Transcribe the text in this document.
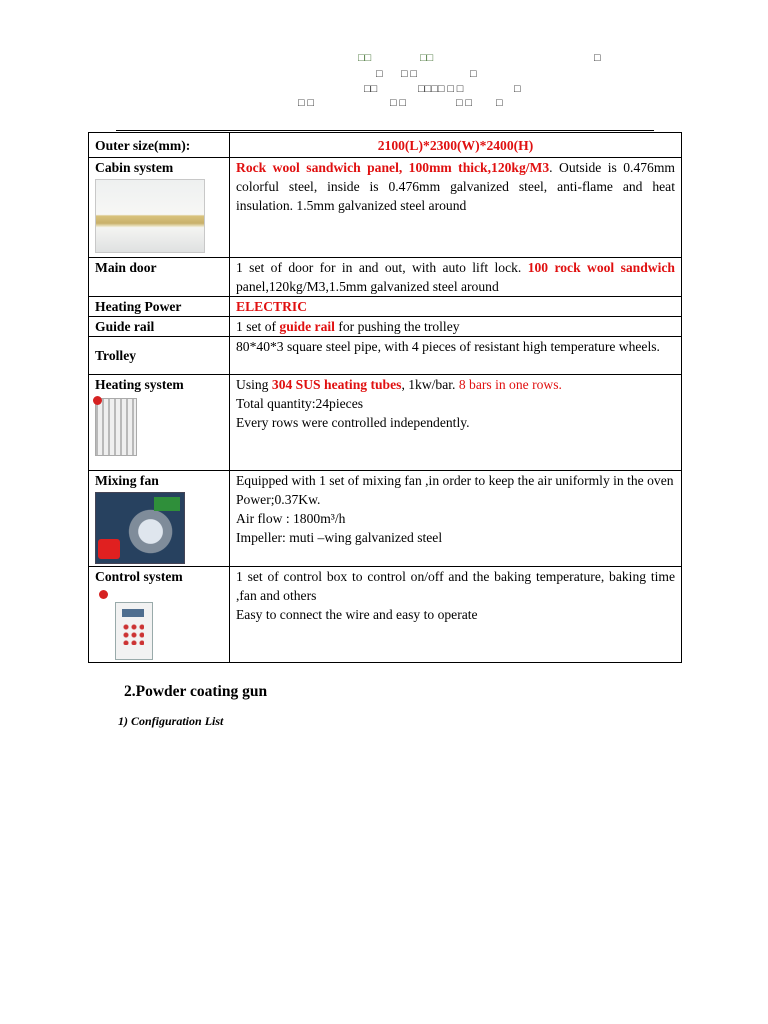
□□	□□	□
□ □ □	□
□□	□□□□ □ □	□
□ □	□ □	□ □ □
Outer size(mm):	2100(L)*2300(W)*2400(H)
Cabin system	Rock wool sandwich panel, 100mm thick,120kg/M3. Outside is 0.476mm colorful steel, inside is 0.476mm galvanized steel, anti-flame and heat insulation. 1.5mm galvanized steel around
Main door	1 set of door for in and out, with auto lift lock. 100 rock wool sandwich panel,120kg/M3,1.5mm galvanized steel around
Heating Power	ELECTRIC
Guide rail	1 set of guide rail for pushing the trolley
Trolley	80*40*3 square steel pipe, with 4 pieces of resistant high temperature wheels.
Heating system	Using 304 SUS heating tubes, 1kw/bar. 8 bars in one rows.
Total quantity:24pieces
Every rows were controlled independently.

Mixing fan	Equipped with 1 set of mixing fan ,in order to keep the air uniformly in the oven
Power;0.37Kw.
Air flow : 1800m³/h
Impeller: muti –wing galvanized steel

Control system	1 set of control box to control on/off and the baking temperature, baking time ,fan and others
Easy to connect the wire and easy to operate
2.Powder coating gun
1) Configuration List
